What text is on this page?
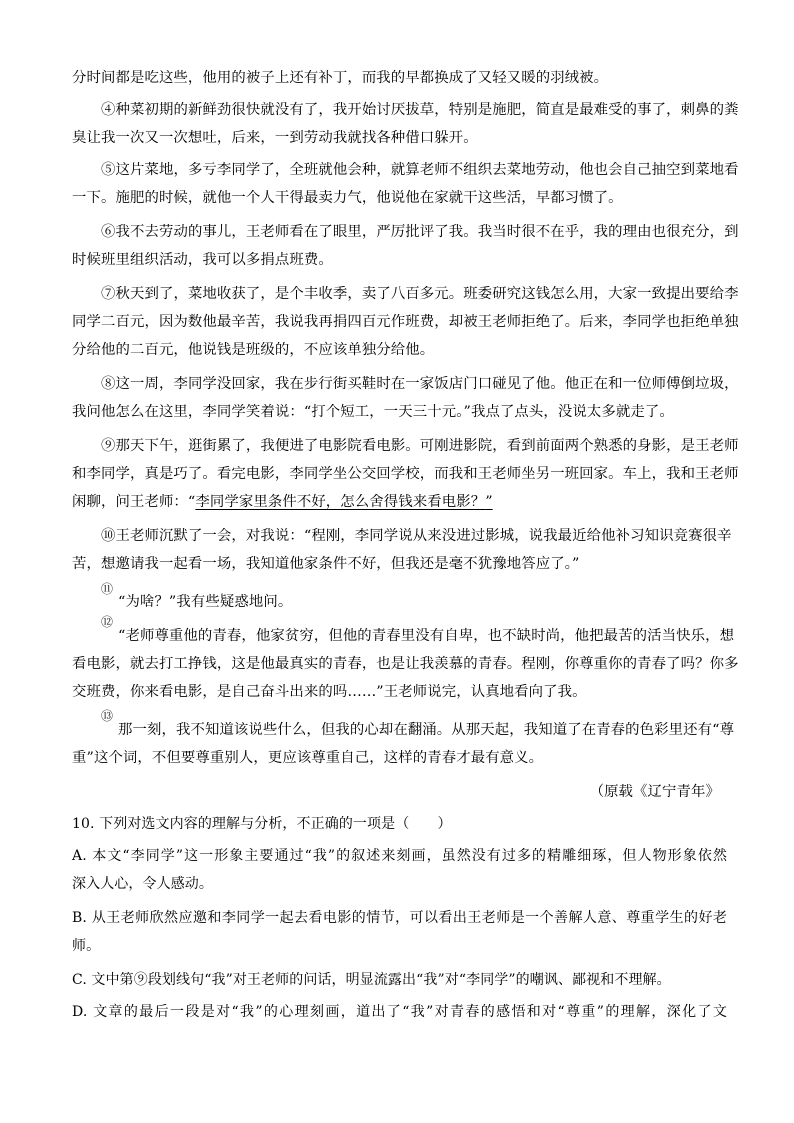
分时间都是吃这些，他用的被子上还有补丁，而我的早都换成了又轻又暖的羽绒被。
④种菜初期的新鲜劲很快就没有了，我开始讨厌拔草，特别是施肥，简直是最难受的事了，刺鼻的粪
臭让我一次又一次想吐，后来，一到劳动我就找各种借口躲开。
⑤这片菜地，多亏李同学了，全班就他会种，就算老师不组织去菜地劳动，他也会自己抽空到菜地看
一下。施肥的时候，就他一个人干得最卖力气，他说他在家就干这些活，早都习惯了。
⑥我不去劳动的事儿，王老师看在了眼里，严厉批评了我。我当时很不在乎，我的理由也很充分，到
时候班里组织活动，我可以多捐点班费。
⑦秋天到了，菜地收获了，是个丰收季，卖了八百多元。班委研究这钱怎么用，大家一致提出要给李
同学二百元，因为数他最辛苦，我说我再捐四百元作班费，却被王老师拒绝了。后来，李同学也拒绝单独
分给他的二百元，他说钱是班级的，不应该单独分给他。
⑧这一周，李同学没回家，我在步行街买鞋时在一家饭店门口碰见了他。他正在和一位师傅倒垃圾，
我问他怎么在这里，李同学笑着说：“打个短工，一天三十元。”我点了点头，没说太多就走了。
⑨那天下午，逛街累了，我便进了电影院看电影。可刚进影院，看到前面两个熟悉的身影，是王老师
和李同学，真是巧了。看完电影，李同学坐公交回学校，而我和王老师坐另一班回家。车上，我和王老师
闲聊，问王老师：“李同学家里条件不好，怎么舍得钱来看电影？”
⑩王老师沉默了一会，对我说：“程刚，李同学说从来没进过影城，说我最近给他补习知识竞赛很辛
苦，想邀请我一起看一场，我知道他家条件不好，但我还是毫不犹豫地答应了。”
⑪
“为啥？”我有些疑惑地问。
⑫
“老师尊重他的青春，他家贫穷，但他的青春里没有自卑，也不缺时尚，他把最苦的活当快乐，想
看电影，就去打工挣钱，这是他最真实的青春，也是让我羡慕的青春。程刚，你尊重你的青春了吗？你多
交班费，你来看电影，是自己奋斗出来的吗……”王老师说完，认真地看向了我。
⑬
那一刻，我不知道该说些什么，但我的心却在翻涌。从那天起，我知道了在青春的色彩里还有“尊
重”这个词，不但要尊重别人，更应该尊重自己，这样的青春才最有意义。
（原载《辽宁青年》
10. 下列对选文内容的理解与分析，不正确的一项是（　　）
A. 本文“李同学”这一形象主要通过“我”的叙述来刻画，虽然没有过多的精雕细琢，但人物形象依然
深入人心，令人感动。
B. 从王老师欣然应邀和李同学一起去看电影的情节，可以看出王老师是一个善解人意、尊重学生的好老
师。
C. 文中第⑨段划线句“我”对王老师的问话，明显流露出“我”对“李同学”的嘲讽、鄙视和不理解。
D. 文章的最后一段是对“我”的心理刻画，道出了“我”对青春的感悟和对“尊重”的理解，深化了文
